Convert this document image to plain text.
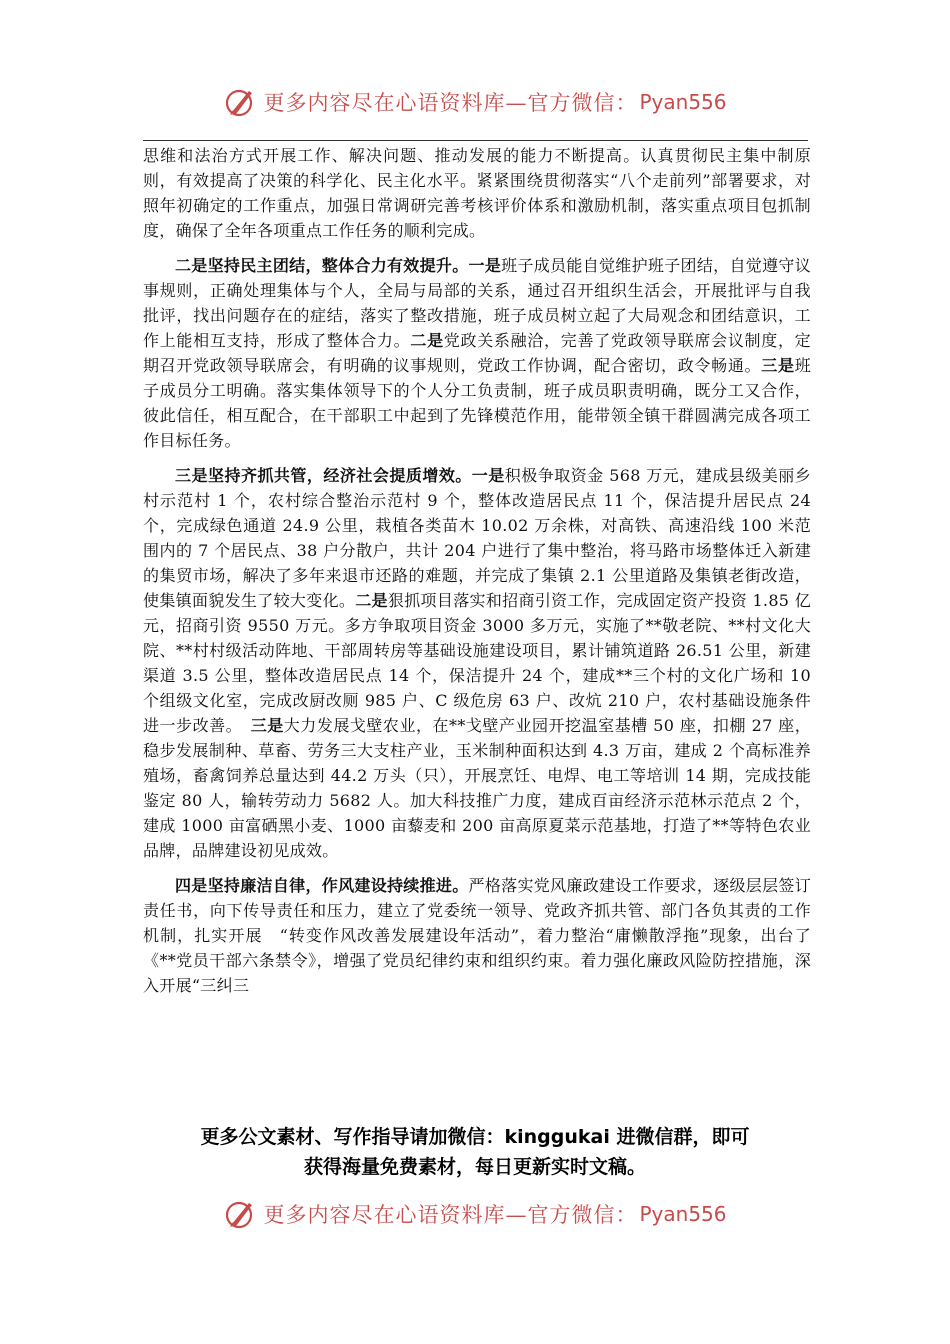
更多内容尽在心语资料库—官方微信： Pyan556

思维和法治方式开展工作、解决问题、推动发展的能力不断提高。认真贯彻民主集中制原则，有效提高了决策的科学化、民主化水平。紧紧围绕贯彻落实“八个走前列”部署要求，对照年初确定的工作重点，加强日常调研完善考核评价体系和激励机制，落实重点项目包抓制度，确保了全年各项重点工作任务的顺利完成。

二是坚持民主团结，整体合力有效提升。一是班子成员能自觉维护班子团结，自觉遵守议事规则，正确处理集体与个人，全局与局部的关系，通过召开组织生活会，开展批评与自我批评，找出问题存在的症结，落实了整改措施，班子成员树立起了大局观念和团结意识，工作上能相互支持，形成了整体合力。二是党政关系融洽，完善了党政领导联席会议制度，定期召开党政领导联席会，有明确的议事规则，党政工作协调，配合密切，政令畅通。三是班子成员分工明确。落实集体领导下的个人分工负责制，班子成员职责明确，既分工又合作，彼此信任，相互配合，在干部职工中起到了先锋模范作用，能带领全镇干群圆满完成各项工作目标任务。

三是坚持齐抓共管，经济社会提质增效。一是积极争取资金 568 万元，建成县级美丽乡村示范村 1 个，农村综合整治示范村 9 个，整体改造居民点 11 个，保洁提升居民点 24 个，完成绿色通道 24.9 公里，栽植各类苗木 10.02 万余株，对高铁、高速沿线 100 米范围内的 7 个居民点、38 户分散户，共计 204 户进行了集中整治，将马路市场整体迁入新建的集贸市场，解决了多年来退市还路的难题，并完成了集镇 2.1 公里道路及集镇老街改造，使集镇面貌发生了较大变化。二是狠抓项目落实和招商引资工作，完成固定资产投资 1.85 亿元，招商引资 9550 万元。多方争取项目资金 3000 多万元，实施了**敬老院、**村文化大院、**村村级活动阵地、干部周转房等基础设施建设项目，累计铺筑道路 26.51 公里，新建渠道 3.5 公里，整体改造居民点 14 个，保洁提升 24 个，建成**三个村的文化广场和 10 个组级文化室，完成改厨改厕 985 户、C 级危房 63 户、改炕 210 户，农村基础设施条件进一步改善。　三是大力发展戈壁农业，在**戈壁产业园开挖温室基槽 50 座，扣棚 27 座，稳步发展制种、草畜、劳务三大支柱产业，玉米制种面积达到 4.3 万亩，建成 2 个高标准养殖场，畜禽饲养总量达到 44.2 万头（只），开展烹饪、电焊、电工等培训 14 期，完成技能鉴定 80 人，输转劳动力 5682 人。加大科技推广力度，建成百亩经济示范林示范点 2 个，建成 1000 亩富硒黑小麦、1000 亩藜麦和 200 亩高原夏菜示范基地，打造了**等特色农业品牌，品牌建设初见成效。

四是坚持廉洁自律，作风建设持续推进。严格落实党风廉政建设工作要求，逐级层层签订责任书，向下传导责任和压力，建立了党委统一领导、党政齐抓共管、部门各负其责的工作机制，扎实开展　“转变作风改善发展建设年活动”，着力整治“庸懒散浮拖”现象，出台了《**党员干部六条禁令》，增强了党员纪律约束和组织约束。着力强化廉政风险防控措施，深入开展“三纠三

更多公文素材、写作指导请加微信：kinggukai 进微信群，即可
获得海量免费素材，每日更新实时文稿。
更多内容尽在心语资料库—官方微信： Pyan556
